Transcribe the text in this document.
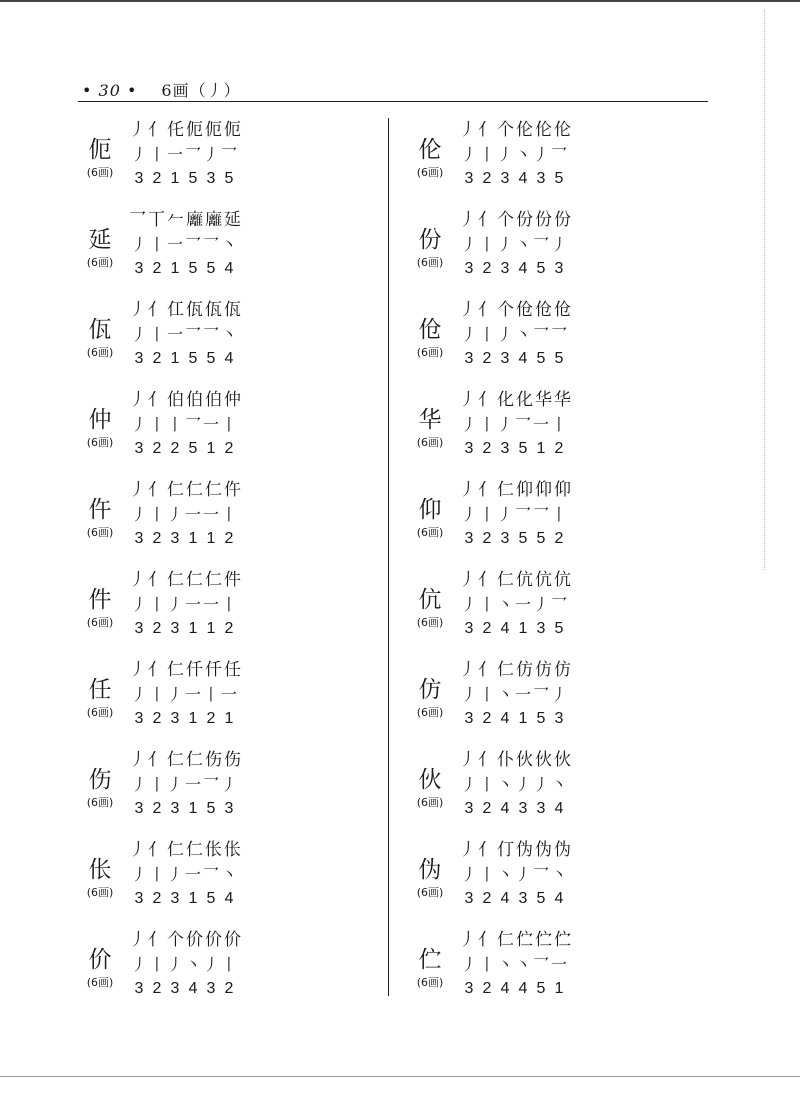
• 30 • 6画（丿）
伌
(6画)
丿 亻 仛 伌 伌 伌
丿 丨 一 乛 丿 乛
3 2 1 5 3 5
延
(6画)
乛 丅 𠂉 𢌈 𢌈 延
丿 丨 一 乛 乛 丶
3 2 1 5 5 4
佤
(6画)
丿 亻 仜 佤 佤 佤
丿 丨 一 乛 乛 丶
3 2 1 5 5 4
仲
(6画)
丿 亻 伯 伯 伯 仲
丿 丨 丨 乛 一 丨
3 2 2 5 1 2
仵
(6画)
丿 亻 仁 仁 仁 仵
丿 丨 丿 一 一 丨
3 2 3 1 1 2
件
(6画)
丿 亻 仁 仁 仁 件
丿 丨 丿 一 一 丨
3 2 3 1 1 2
任
(6画)
丿 亻 仁 仟 仟 任
丿 丨 丿 一 丨 一
3 2 3 1 2 1
伤
(6画)
丿 亻 仁 仁 伤 伤
丿 丨 丿 一 乛 丿
3 2 3 1 5 3
伥
(6画)
丿 亻 仁 仁 伥 伥
丿 丨 丿 一 乛 丶
3 2 3 1 5 4
价
(6画)
丿 亻 个 价 价 价
丿 丨 丿 丶 丿 丨
3 2 3 4 3 2
伦
(6画)
丿 亻 个 伦 伦 伦
丿 丨 丿 丶 丿 乛
3 2 3 4 3 5
份
(6画)
丿 亻 个 份 份 份
丿 丨 丿 丶 乛 丿
3 2 3 4 5 3
伧
(6画)
丿 亻 个 伧 伧 伧
丿 丨 丿 丶 乛 乛
3 2 3 4 5 5
华
(6画)
丿 亻 化 化 华 华
丿 丨 丿 乛 一 丨
3 2 3 5 1 2
仰
(6画)
丿 亻 仁 仰 仰 仰
丿 丨 丿 乛 乛 丨
3 2 3 5 5 2
伉
(6画)
丿 亻 仁 伉 伉 伉
丿 丨 丶 一 丿 乛
3 2 4 1 3 5
仿
(6画)
丿 亻 仁 仿 仿 仿
丿 丨 丶 一 乛 丿
3 2 4 1 5 3
伙
(6画)
丿 亻 仆 伙 伙 伙
丿 丨 丶 丿 丿 丶
3 2 4 3 3 4
伪
(6画)
丿 亻 仃 伪 伪 伪
丿 丨 丶 丿 乛 丶
3 2 4 3 5 4
伫
(6画)
丿 亻 仁 伫 伫 伫
丿 丨 丶 丶 乛 一
3 2 4 4 5 1
